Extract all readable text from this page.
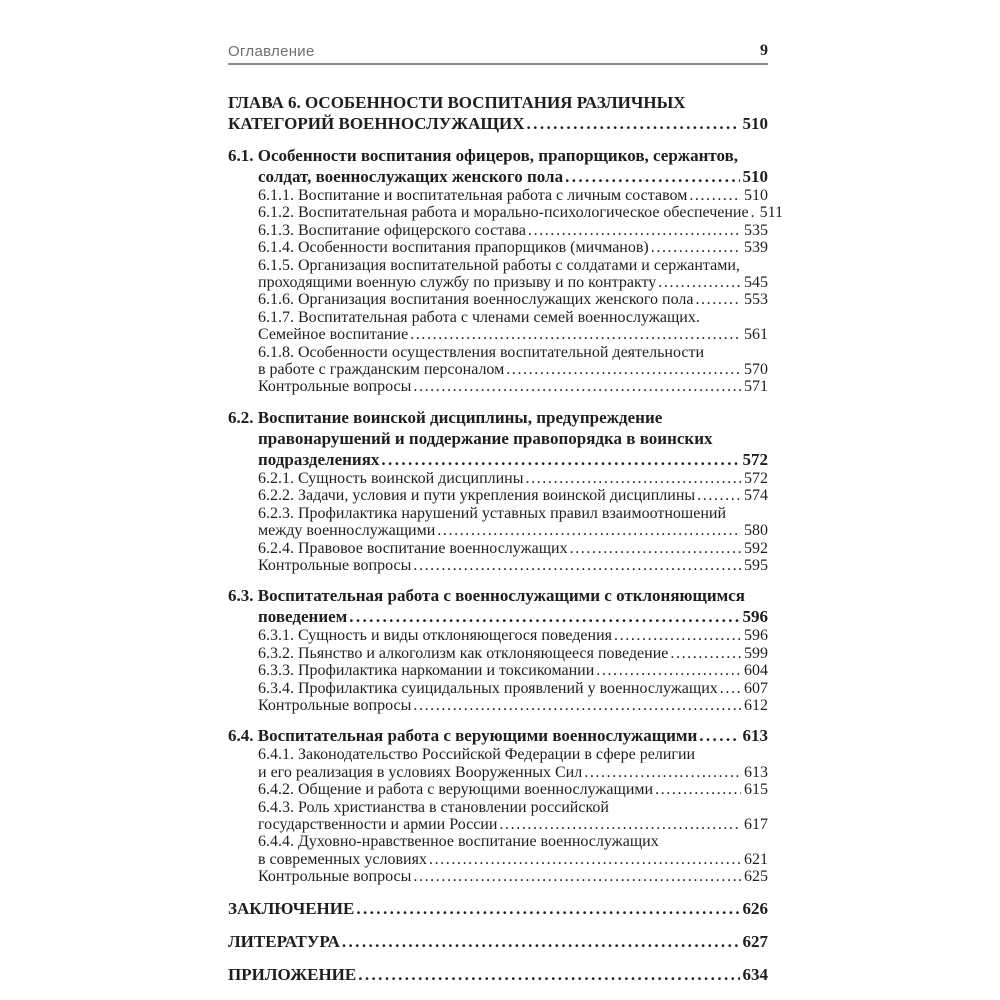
Оглавление	9
ГЛАВА 6. ОСОБЕННОСТИ ВОСПИТАНИЯ РАЗЛИЧНЫХ
КАТЕГОРИЙ ВОЕННОСЛУЖАЩИХ .....	510
6.1. Особенности воспитания офицеров, прапорщиков, сержантов,
солдат, военнослужащих женского пола .....	510
6.1.1. Воспитание и воспитательная работа с личным составом .....	510
6.1.2. Воспитательная работа и морально-психологическое обеспечение ..... 511
6.1.3. Воспитание офицерского состава .....	535
6.1.4. Особенности воспитания прапорщиков (мичманов) .....	539
6.1.5. Организация воспитательной работы с солдатами и сержантами,
проходящими военную службу по призыву и по контракту .....	545
6.1.6. Организация воспитания военнослужащих женского пола .....	553
6.1.7. Воспитательная работа с членами семей военнослужащих.
Семейное воспитание .....	561
6.1.8. Особенности осуществления воспитательной деятельности
в работе с гражданским персоналом .....	570
Контрольные вопросы .....	571
6.2. Воспитание воинской дисциплины, предупреждение
правонарушений и поддержание правопорядка в воинских
подразделениях .....	572
6.2.1. Сущность воинской дисциплины .....	572
6.2.2. Задачи, условия и пути укрепления воинской дисциплины .....	574
6.2.3. Профилактика нарушений уставных правил взаимоотношений
между военнослужащими .....	580
6.2.4. Правовое воспитание военнослужащих .....	592
Контрольные вопросы .....	595
6.3. Воспитательная работа с военнослужащими с отклоняющимся
поведением .....	596
6.3.1. Сущность и виды отклоняющегося поведения .....	596
6.3.2. Пьянство и алкоголизм как отклоняющееся поведение .....	599
6.3.3. Профилактика наркомании и токсикомании .....	604
6.3.4. Профилактика суицидальных проявлений у военнослужащих ..... 607
Контрольные вопросы .....	612
6.4. Воспитательная работа с верующими военнослужащими .....	613
6.4.1. Законодательство Российской Федерации в сфере религии
и его реализация в условиях Вооруженных Сил .....	613
6.4.2. Общение и работа с верующими военнослужащими .....	615
6.4.3. Роль христианства в становлении российской
государственности и армии России .....	617
6.4.4. Духовно-нравственное воспитание военнослужащих
в современных условиях .....	621
Контрольные вопросы .....	625
ЗАКЛЮЧЕНИЕ .....	626
ЛИТЕРАТУРА .....	627
ПРИЛОЖЕНИЕ .....	634
